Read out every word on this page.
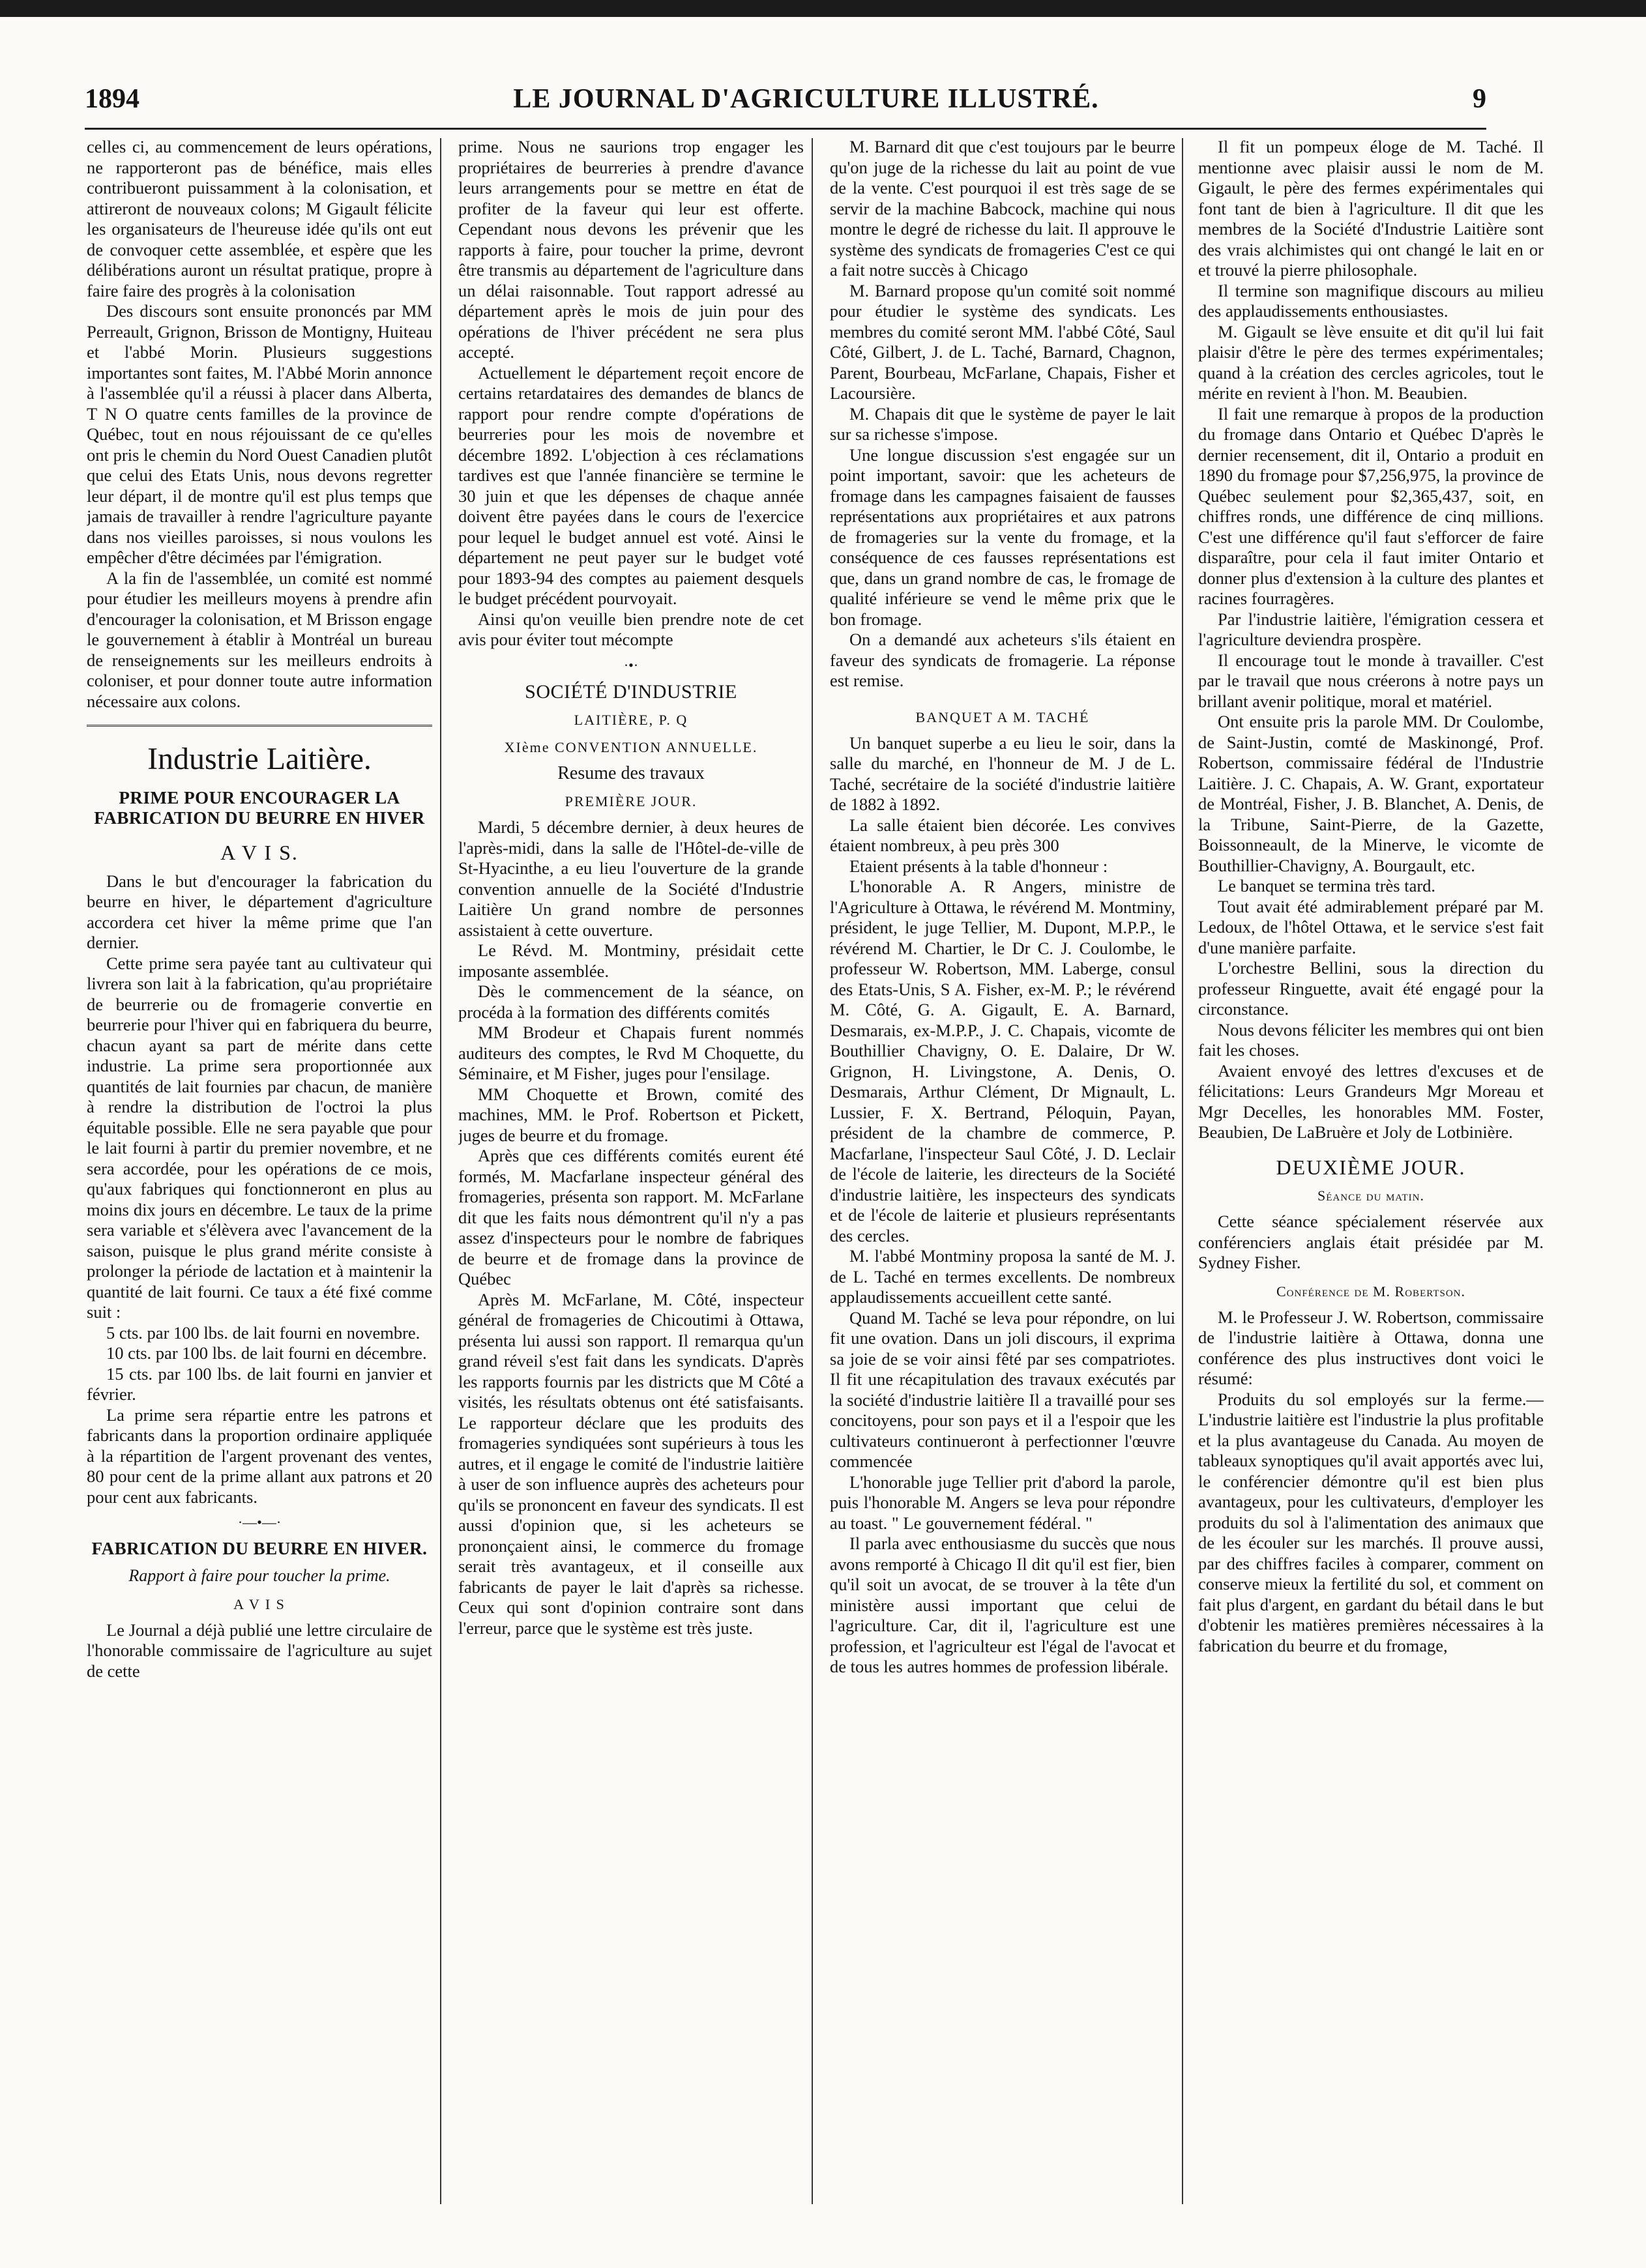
1894	LE JOURNAL D'AGRICULTURE ILLUSTRÉ.	9

celles ci, au commencement de leurs opérations, ne rapporteront pas de bénéfice, mais elles contribueront puissamment à la colonisation, et attireront de nouveaux colons; M Gigault félicite les organisateurs de l'heureuse idée qu'ils ont eut de convoquer cette assemblée, et espère que les délibérations auront un résultat pratique, propre à faire faire des progrès à la colonisation

Des discours sont ensuite prononcés par MM Perreault, Grignon, Brisson de Montigny, Huiteau et l'abbé Morin. Plusieurs suggestions importantes sont faites, M. l'Abbé Morin annonce à l'assemblée qu'il a réussi à placer dans Alberta, T N O quatre cents familles de la province de Québec, tout en nous réjouissant de ce qu'elles ont pris le chemin du Nord Ouest Canadien plutôt que celui des Etats Unis, nous devons regretter leur départ, il de montre qu'il est plus temps que jamais de travailler à rendre l'agriculture payante dans nos vieilles paroisses, si nous voulons les empêcher d'être décimées par l'émigration.

A la fin de l'assemblée, un comité est nommé pour étudier les meilleurs moyens à prendre afin d'encourager la colonisation, et M Brisson engage le gouvernement à établir à Montréal un bureau de renseignements sur les meilleurs endroits à coloniser, et pour donner toute autre information nécessaire aux colons.

Industrie Laitière.
PRIME POUR ENCOURAGER LA FABRICATION DU BEURRE EN HIVER
A V I S.

Dans le but d'encourager la fabrication du beurre en hiver, le département d'agriculture accordera cet hiver la même prime que l'an dernier.

Cette prime sera payée tant au cultivateur qui livrera son lait à la fabrication, qu'au propriétaire de beurrerie ou de fromagerie convertie en beurrerie pour l'hiver qui en fabriquera du beurre, chacun ayant sa part de mérite dans cette industrie. La prime sera proportionnée aux quantités de lait fournies par chacun, de manière à rendre la distribution de l'octroi la plus équitable possible. Elle ne sera payable que pour le lait fourni à partir du premier novembre, et ne sera accordée, pour les opérations de ce mois, qu'aux fabriques qui fonctionneront en plus au moins dix jours en décembre. Le taux de la prime sera variable et s'élèvera avec l'avancement de la saison, puisque le plus grand mérite consiste à prolonger la période de lactation et à maintenir la quantité de lait fourni. Ce taux a été fixé comme suit :

5 cts. par 100 lbs. de lait fourni en novembre.

10 cts. par 100 lbs. de lait fourni en décembre.

15 cts. par 100 lbs. de lait fourni en janvier et février.

La prime sera répartie entre les patrons et fabricants dans la proportion ordinaire appliquée à la répartition de l'argent provenant des ventes, 80 pour cent de la prime allant aux patrons et 20 pour cent aux fabricants.

·—•—·
FABRICATION DU BEURRE EN HIVER.
Rapport à faire pour toucher la prime.
A V I S

Le Journal a déjà publié une lettre circulaire de l'honorable commissaire de l'agriculture au sujet de cette

prime. Nous ne saurions trop engager les propriétaires de beurreries à prendre d'avance leurs arrangements pour se mettre en état de profiter de la faveur qui leur est offerte. Cependant nous devons les prévenir que les rapports à faire, pour toucher la prime, devront être transmis au département de l'agriculture dans un délai raisonnable. Tout rapport adressé au département après le mois de juin pour des opérations de l'hiver précédent ne sera plus accepté.

Actuellement le département reçoit encore de certains retardataires des demandes de blancs de rapport pour rendre compte d'opérations de beurreries pour les mois de novembre et décembre 1892. L'objection à ces réclamations tardives est que l'année financière se termine le 30 juin et que les dépenses de chaque année doivent être payées dans le cours de l'exercice pour lequel le budget annuel est voté. Ainsi le département ne peut payer sur le budget voté pour 1893-94 des comptes au paiement desquels le budget précédent pourvoyait.

Ainsi qu'on veuille bien prendre note de cet avis pour éviter tout mécompte

·•·
SOCIÉTÉ D'INDUSTRIE
LAITIÈRE, P. Q
XIème CONVENTION ANNUELLE.
Resume des travaux
PREMIÈRE JOUR.

Mardi, 5 décembre dernier, à deux heures de l'après-midi, dans la salle de l'Hôtel-de-ville de St-Hyacinthe, a eu lieu l'ouverture de la grande convention annuelle de la Société d'Industrie Laitière Un grand nombre de personnes assistaient à cette ouverture.

Le Révd. M. Montminy, présidait cette imposante assemblée.

Dès le commencement de la séance, on procéda à la formation des différents comités

MM Brodeur et Chapais furent nommés auditeurs des comptes, le Rvd M Choquette, du Séminaire, et M Fisher, juges pour l'ensilage.

MM Choquette et Brown, comité des machines, MM. le Prof. Robertson et Pickett, juges de beurre et du fromage.

Après que ces différents comités eurent été formés, M. Macfarlane inspecteur général des fromageries, présenta son rapport. M. McFarlane dit que les faits nous démontrent qu'il n'y a pas assez d'inspecteurs pour le nombre de fabriques de beurre et de fromage dans la province de Québec

Après M. McFarlane, M. Côté, inspecteur général de fromageries de Chicoutimi à Ottawa, présenta lui aussi son rapport. Il remarqua qu'un grand réveil s'est fait dans les syndicats. D'après les rapports fournis par les districts que M Côté a visités, les résultats obtenus ont été satisfaisants. Le rapporteur déclare que les produits des fromageries syndiquées sont supérieurs à tous les autres, et il engage le comité de l'industrie laitière à user de son influence auprès des acheteurs pour qu'ils se prononcent en faveur des syndicats. Il est aussi d'opinion que, si les acheteurs se prononçaient ainsi, le commerce du fromage serait très avantageux, et il conseille aux fabricants de payer le lait d'après sa richesse. Ceux qui sont d'opinion contraire sont dans l'erreur, parce que le système est très juste.

M. Barnard dit que c'est toujours par le beurre qu'on juge de la richesse du lait au point de vue de la vente. C'est pourquoi il est très sage de se servir de la machine Babcock, machine qui nous montre le degré de richesse du lait. Il approuve le système des syndicats de fromageries C'est ce qui a fait notre succès à Chicago

M. Barnard propose qu'un comité soit nommé pour étudier le système des syndicats. Les membres du comité seront MM. l'abbé Côté, Saul Côté, Gilbert, J. de L. Taché, Barnard, Chagnon, Parent, Bourbeau, McFarlane, Chapais, Fisher et Lacoursière.

M. Chapais dit que le système de payer le lait sur sa richesse s'impose.

Une longue discussion s'est engagée sur un point important, savoir: que les acheteurs de fromage dans les campagnes faisaient de fausses représentations aux propriétaires et aux patrons de fromageries sur la vente du fromage, et la conséquence de ces fausses représentations est que, dans un grand nombre de cas, le fromage de qualité inférieure se vend le même prix que le bon fromage.

On a demandé aux acheteurs s'ils étaient en faveur des syndicats de fromagerie. La réponse est remise.

BANQUET A M. TACHÉ

Un banquet superbe a eu lieu le soir, dans la salle du marché, en l'honneur de M. J de L. Taché, secrétaire de la société d'industrie laitière de 1882 à 1892.

La salle étaient bien décorée. Les convives étaient nombreux, à peu près 300

Etaient présents à la table d'honneur :

L'honorable A. R Angers, ministre de l'Agriculture à Ottawa, le révérend M. Montminy, président, le juge Tellier, M. Dupont, M.P.P., le révérend M. Chartier, le Dr C. J. Coulombe, le professeur W. Robertson, MM. Laberge, consul des Etats-Unis, S A. Fisher, ex-M. P.; le révérend M. Côté, G. A. Gigault, E. A. Barnard, Desmarais, ex-M.P.P., J. C. Chapais, vicomte de Bouthillier Chavigny, O. E. Dalaire, Dr W. Grignon, H. Livingstone, A. Denis, O. Desmarais, Arthur Clément, Dr Mignault, L. Lussier, F. X. Bertrand, Péloquin, Payan, président de la chambre de commerce, P. Macfarlane, l'inspecteur Saul Côté, J. D. Leclair de l'école de laiterie, les directeurs de la Société d'industrie laitière, les inspecteurs des syndicats et de l'école de laiterie et plusieurs représentants des cercles.

M. l'abbé Montminy proposa la santé de M. J. de L. Taché en termes excellents. De nombreux applaudissements accueillent cette santé.

Quand M. Taché se leva pour répondre, on lui fit une ovation. Dans un joli discours, il exprima sa joie de se voir ainsi fêté par ses compatriotes. Il fit une récapitulation des travaux exécutés par la société d'industrie laitière Il a travaillé pour ses concitoyens, pour son pays et il a l'espoir que les cultivateurs continueront à perfectionner l'œuvre commencée

L'honorable juge Tellier prit d'abord la parole, puis l'honorable M. Angers se leva pour répondre au toast. " Le gouvernement fédéral. "

Il parla avec enthousiasme du succès que nous avons remporté à Chicago Il dit qu'il est fier, bien qu'il soit un avocat, de se trouver à la tête d'un ministère aussi important que celui de l'agriculture. Car, dit il, l'agriculture est une profession, et l'agriculteur est l'égal de l'avocat et de tous les autres hommes de profession libérale.

Il fit un pompeux éloge de M. Taché. Il mentionne avec plaisir aussi le nom de M. Gigault, le père des fermes expérimentales qui font tant de bien à l'agriculture. Il dit que les membres de la Société d'Industrie Laitière sont des vrais alchimistes qui ont changé le lait en or et trouvé la pierre philosophale.

Il termine son magnifique discours au milieu des applaudissements enthousiastes.

M. Gigault se lève ensuite et dit qu'il lui fait plaisir d'être le père des termes expérimentales; quand à la création des cercles agricoles, tout le mérite en revient à l'hon. M. Beaubien.

Il fait une remarque à propos de la production du fromage dans Ontario et Québec D'après le dernier recensement, dit il, Ontario a produit en 1890 du fromage pour $7,256,975, la province de Québec seulement pour $2,365,437, soit, en chiffres ronds, une différence de cinq millions. C'est une différence qu'il faut s'efforcer de faire disparaître, pour cela il faut imiter Ontario et donner plus d'extension à la culture des plantes et racines fourragères.

Par l'industrie laitière, l'émigration cessera et l'agriculture deviendra prospère.

Il encourage tout le monde à travailler. C'est par le travail que nous créerons à notre pays un brillant avenir politique, moral et matériel.

Ont ensuite pris la parole MM. Dr Coulombe, de Saint-Justin, comté de Maskinongé, Prof. Robertson, commissaire fédéral de l'Industrie Laitière. J. C. Chapais, A. W. Grant, exportateur de Montréal, Fisher, J. B. Blanchet, A. Denis, de la Tribune, Saint-Pierre, de la Gazette, Boissonneault, de la Minerve, le vicomte de Bouthillier-Chavigny, A. Bourgault, etc.

Le banquet se termina très tard.

Tout avait été admirablement préparé par M. Ledoux, de l'hôtel Ottawa, et le service s'est fait d'une manière parfaite.

L'orchestre Bellini, sous la direction du professeur Ringuette, avait été engagé pour la circonstance.

Nous devons féliciter les membres qui ont bien fait les choses.

Avaient envoyé des lettres d'excuses et de félicitations: Leurs Grandeurs Mgr Moreau et Mgr Decelles, les honorables MM. Foster, Beaubien, De LaBruère et Joly de Lotbinière.

DEUXIÈME JOUR.
Séance du matin.

Cette séance spécialement réservée aux conférenciers anglais était présidée par M. Sydney Fisher.

Conférence de M. Robertson.

M. le Professeur J. W. Robertson, commissaire de l'industrie laitière à Ottawa, donna une conférence des plus instructives dont voici le résumé:

Produits du sol employés sur la ferme.— L'industrie laitière est l'industrie la plus profitable et la plus avantageuse du Canada. Au moyen de tableaux synoptiques qu'il avait apportés avec lui, le conférencier démontre qu'il est bien plus avantageux, pour les cultivateurs, d'employer les produits du sol à l'alimentation des animaux que de les écouler sur les marchés. Il prouve aussi, par des chiffres faciles à comparer, comment on conserve mieux la fertilité du sol, et comment on fait plus d'argent, en gardant du bétail dans le but d'obtenir les matières premières nécessaires à la fabrication du beurre et du fromage,
